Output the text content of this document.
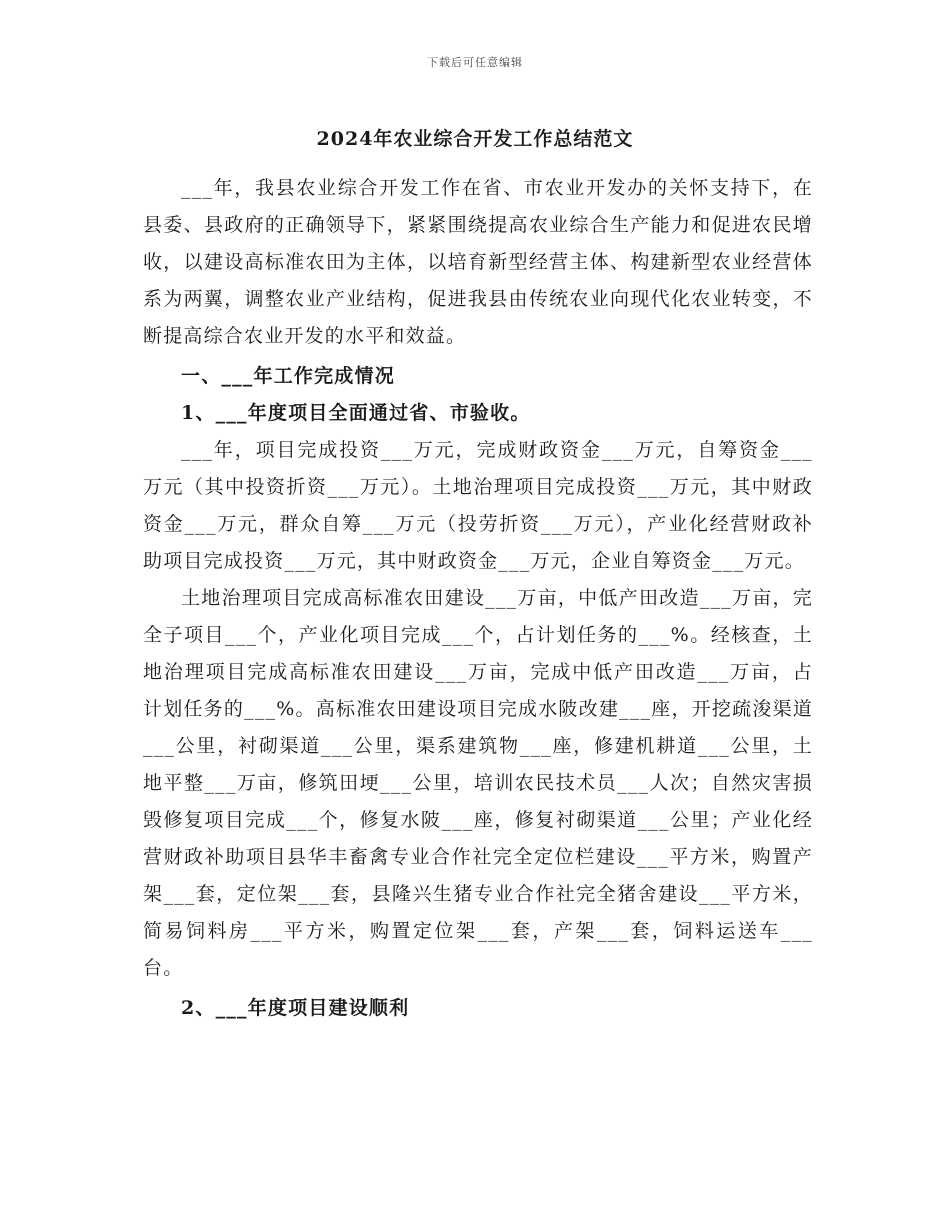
下载后可任意编辑
2024年农业综合开发工作总结范文

___年，我县农业综合开发工作在省、市农业开发办的关怀支持下，在县委、县政府的正确领导下，紧紧围绕提高农业综合生产能力和促进农民增收，以建设高标准农田为主体，以培育新型经营主体、构建新型农业经营体系为两翼，调整农业产业结构，促进我县由传统农业向现代化农业转变，不断提高综合农业开发的水平和效益。

一、___年工作完成情况

1、___年度项目全面通过省、市验收。

___年，项目完成投资___万元，完成财政资金___万元，自筹资金___万元（其中投资折资___万元）。土地治理项目完成投资___万元，其中财政资金___万元，群众自筹___万元（投劳折资___万元），产业化经营财政补助项目完成投资___万元，其中财政资金___万元，企业自筹资金___万元。

土地治理项目完成高标准农田建设___万亩，中低产田改造___万亩，完全子项目___个，产业化项目完成___个，占计划任务的___%。经核查，土地治理项目完成高标准农田建设___万亩，完成中低产田改造___万亩，占计划任务的___%。高标准农田建设项目完成水陂改建___座，开挖疏浚渠道___公里，衬砌渠道___公里，渠系建筑物___座，修建机耕道___公里，土地平整___万亩，修筑田埂___公里，培训农民技术员___人次；自然灾害损毁修复项目完成___个，修复水陂___座，修复衬砌渠道___公里；产业化经营财政补助项目县华丰畜禽专业合作社完全定位栏建设___平方米，购置产架___套，定位架___套，县隆兴生猪专业合作社完全猪舍建设___平方米，简易饲料房___平方米，购置定位架___套，产架___套，饲料运送车___台。

2、___年度项目建设顺利
